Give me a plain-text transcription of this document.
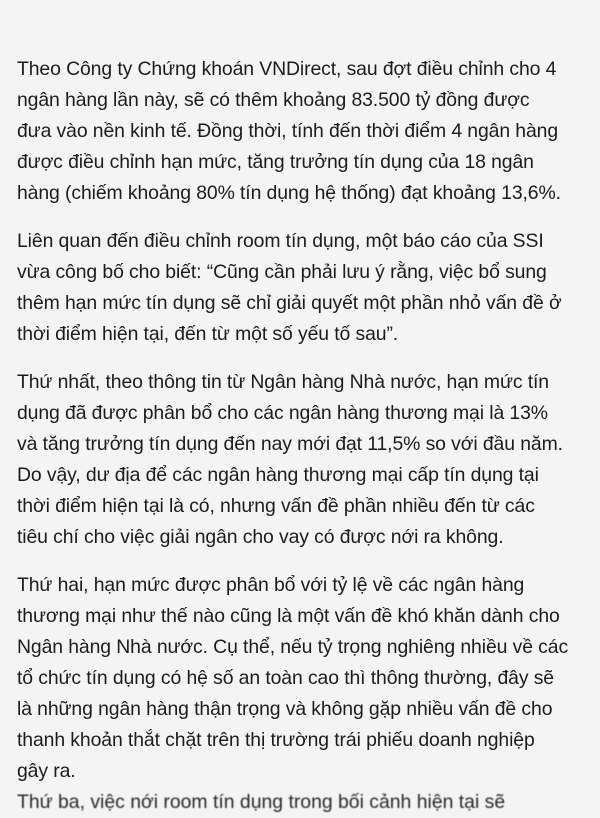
Theo Công ty Chứng khoán VNDirect, sau đợt điều chỉnh cho 4
ngân hàng lần này, sẽ có thêm khoảng 83.500 tỷ đồng được
đưa vào nền kinh tế. Đồng thời, tính đến thời điểm 4 ngân hàng
được điều chỉnh hạn mức, tăng trưởng tín dụng của 18 ngân
hàng (chiếm khoảng 80% tín dụng hệ thống) đạt khoảng 13,6%.

Liên quan đến điều chỉnh room tín dụng, một báo cáo của SSI
vừa công bố cho biết: “Cũng cần phải lưu ý rằng, việc bổ sung
thêm hạn mức tín dụng sẽ chỉ giải quyết một phần nhỏ vấn đề ở
thời điểm hiện tại, đến từ một số yếu tố sau”.

Thứ nhất, theo thông tin từ Ngân hàng Nhà nước, hạn mức tín
dụng đã được phân bổ cho các ngân hàng thương mại là 13%
và tăng trưởng tín dụng đến nay mới đạt 11,5% so với đầu năm.
Do vậy, dư địa để các ngân hàng thương mại cấp tín dụng tại
thời điểm hiện tại là có, nhưng vấn đề phần nhiều đến từ các
tiêu chí cho việc giải ngân cho vay có được nới ra không.

Thứ hai, hạn mức được phân bổ với tỷ lệ về các ngân hàng
thương mại như thế nào cũng là một vấn đề khó khăn dành cho
Ngân hàng Nhà nước. Cụ thể, nếu tỷ trọng nghiêng nhiều về các
tổ chức tín dụng có hệ số an toàn cao thì thông thường, đây sẽ
là những ngân hàng thận trọng và không gặp nhiều vấn đề cho
thanh khoản thắt chặt trên thị trường trái phiếu doanh nghiệp
gây ra.

Thứ ba, việc nới room tín dụng trong bối cảnh hiện tại sẽ
